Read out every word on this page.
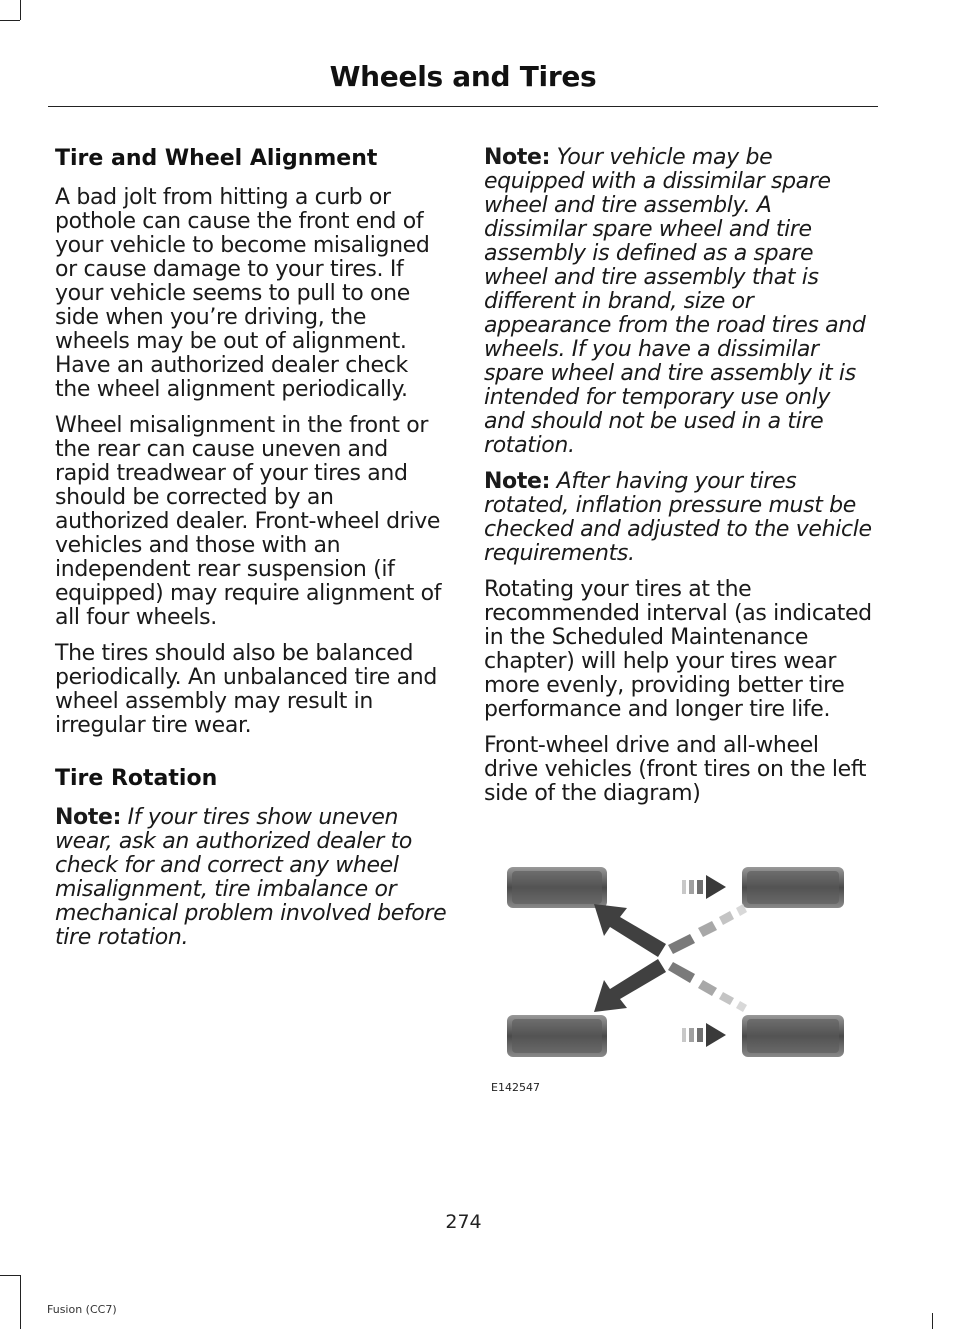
Wheels and Tires
Tire and Wheel Alignment

A bad jolt from hitting a curb or pothole can cause the front end of your vehicle to become misaligned or cause damage to your tires. If your vehicle seems to pull to one side when you’re driving, the wheels may be out of alignment. Have an authorized dealer check the wheel alignment periodically.

Wheel misalignment in the front or the rear can cause uneven and rapid treadwear of your tires and should be corrected by an authorized dealer. Front-wheel drive vehicles and those with an independent rear suspension (if equipped) may require alignment of all four wheels.

The tires should also be balanced periodically. An unbalanced tire and wheel assembly may result in irregular tire wear.

Tire Rotation

Note: If your tires show uneven wear, ask an authorized dealer to check for and correct any wheel misalignment, tire imbalance or mechanical problem involved before tire rotation.

Note: Your vehicle may be equipped with a dissimilar spare wheel and tire assembly. A dissimilar spare wheel and tire assembly is defined as a spare wheel and tire assembly that is different in brand, size or appearance from the road tires and wheels. If you have a dissimilar spare wheel and tire assembly it is intended for temporary use only and should not be used in a tire rotation.

Note: After having your tires rotated, inflation pressure must be checked and adjusted to the vehicle requirements.

Rotating your tires at the recommended interval (as indicated in the Scheduled Maintenance chapter) will help your tires wear more evenly, providing better tire performance and longer tire life.

Front-wheel drive and all-wheel drive vehicles (front tires on the left side of the diagram)

E142547
274
Fusion (CC7)
